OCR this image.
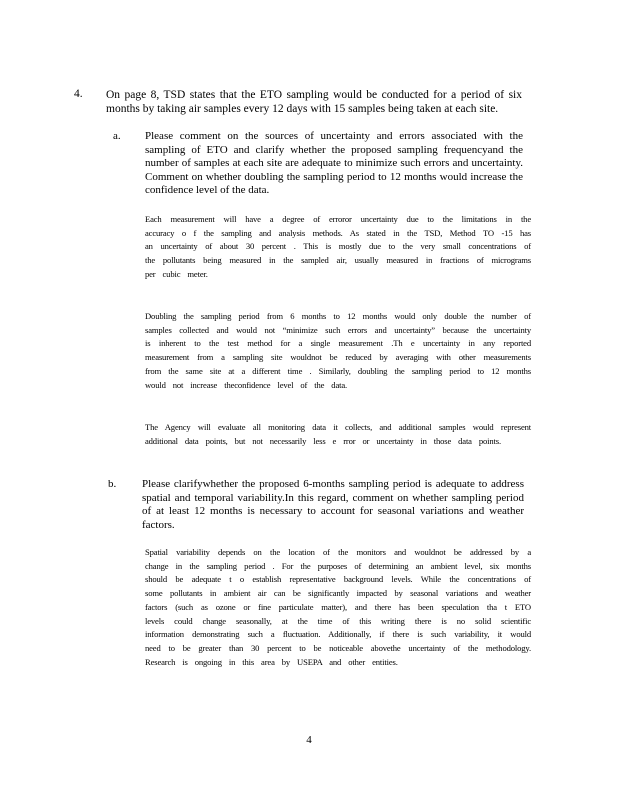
4. On page 8, TSD states that the ETO sampling would be conducted for a period of six months by taking air samples every 12 days with 15 samples being taken at each site.
a. Please comment on the sources of uncertainty and errors associated with the sampling of ETO and clarify whether the proposed sampling frequencyand the number of samples at each site are adequate to minimize such errors and uncertainty. Comment on whether doubling the sampling period to 12 months would increase the confidence level of the data.
Each measurement will have a degree of erroror uncertainty due to the limitations in the accuracy o f the sampling and analysis methods. As stated in the TSD, Method TO -15 has an uncertainty of about 30 percent . This is mostly due to the very small concentrations of the pollutants being measured in the sampled air, usually measured in fractions of micrograms per cubic meter.
Doubling the sampling period from 6 months to 12 months would only double the number of samples collected and would not “minimize such errors and uncertainty” because the uncertainty is inherent to the test method for a single measurement .Th e uncertainty in any reported measurement from a sampling site wouldnot be reduced by averaging with other measurements from the same site at a different time . Similarly, doubling the sampling period to 12 months would not increase theconfidence level of the data.
The Agency will evaluate all monitoring data it collects, and additional samples would represent additional data points, but not necessarily less e rror or uncertainty in those data points.
b. Please clarifywhether the proposed 6-months sampling period is adequate to address spatial and temporal variability.In this regard, comment on whether sampling period of at least 12 months is necessary to account for seasonal variations and weather factors.
Spatial variability depends on the location of the monitors and wouldnot be addressed by a change in the sampling period . For the purposes of determining an ambient level, six months should be adequate t o establish representative background levels. While the concentrations of some pollutants in ambient air can be significantly impacted by seasonal variations and weather factors (such as ozone or fine particulate matter), and there has been speculation tha t ETO levels could change seasonally, at the time of this writing there is no solid scientific information demonstrating such a fluctuation. Additionally, if there is such variability, it would need to be greater than 30 percent to be noticeable abovethe uncertainty of the methodology. Research is ongoing in this area by USEPA and other entities.
4
